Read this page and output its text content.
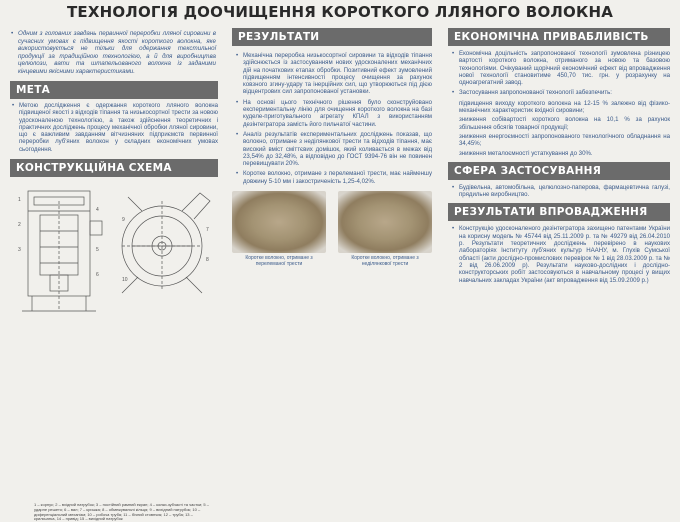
ТЕХНОЛОГІЯ ДООЧИЩЕННЯ КОРОТКОГО ЛЛЯНОГО ВОЛОКНА
• Одним з головних завдань первинної переробки лляної сировини в сучасних умовах є підвищення якості короткого волокна, яке використовується не тільки для одержання текстильної продукції за традиційною технологією, а й для виробництва целюлози, вати та штапельованого волокна із заданими кінцевими якісними характеристиками.
МЕТА
• Метою дослідження є одержання короткого лляного волокна підвищеної якості з відходів тіпання та низькосортної трести за новою удосконаленою технологією, а також здійснення теоретичних і практичних досліджень процесу механічної обробки лляної сировини, що є важливим завданням вітчизняних підприємств первинної переробки луб'яних волокон у складних економічних умовах сьогодення.
КОНСТРУКЦІЙНА СХЕМА
1
2
3
4
5
6
7
8
9
10
1 – корпус; 2 – вхідний патрубок; 3 – постійний рамний екран; 4 – колки-зубчасті та частки; 5 – ударне решето; 6 – вал; 7 – кришка; 8 – обмежувальні кільця; 9 – вихідний патрубок; 10 – диференціальний механізм; 10 – робоча труба; 11 – бічний стовпчик; 12 – труба; 13 – крильчатка, 14 – привід; 15 – вихідний патрубок
РЕЗУЛЬТАТИ
• Механічна переробка низькосортної сировини та відходів тіпання здійснюється із застосуванням нових удосконалених механічних дій на початкових етапах обробки. Позитивний ефект зумовлений підвищенням інтенсивності процесу очищення за рахунок ковзного згину-удару та інерційних сил, що утворюються під дією відцентрових сил запропонованої установки.
• На основі цього технічного рішення було сконструйовано експериментальну лінію для очищення короткого волокна на базі куделе-приготувального агрегату КПАЛ з використанням дезінтегратора замість його пильчатої частини.
• Аналіз результатів експериментальних досліджень показав, що волокно, отримане з неділянкової трести та відходів тіпання, має високий вміст сміттєвих домішок, який коливається в межах від 23,54% до 32,48%, а відповідно до ГОСТ 9394-76 він не повинен перевищувати 20%.
• Коротке волокно, отримане з перелеманої трести, має найменшу довжину 5-10 мм і закостриченість 1,25-4,02%.
Коротке волокно, отримане з перелеманої трести
Коротке волокно, отримане з неділянкової трести
ЕКОНОМІЧНА ПРИВАБЛИВІСТЬ
• Економічна доцільність запропонованої технології зумовлена різницею вартості короткого волокна, отриманого за новою та базовою технологіями. Очікуваний щорічний економічний ефект від впровадження нової технології становитиме 450,70 тис. грн. у розрахунку на одноагрегатний завод.
• Застосування запропонованої технології забезпечить:
підвищення виходу короткого волокна на 12-15 % залежно від фізико-механічних характеристик вхідної сировини;
зниження собівартості короткого волокна на 10,1 % за рахунок збільшення обсягів товарної продукції;
зниження енергоємності запропонованого технологічного обладнання на 34,45%;
зниження металоємності устаткування до 30%.
СФЕРА ЗАСТОСУВАННЯ
• Будівельна, автомобільна, целюлозно-паперова, фармацевтична галузі, прядильне виробництво.
РЕЗУЛЬТАТИ ВПРОВАДЖЕННЯ
• Конструкцію удосконаленого дезінтегратора захищено патентами України на корисну модель № 45744 від 25.11.2009 р. та № 49279 від 26.04.2010 р. Результати теоретичних досліджень перевірено в наукових лабораторіях Інституту луб'яних культур НААНУ, м. Глухів Сумської області (акти дослідно-промислових перевірок № 1 від 28.03.2009 р. та № 2 від 26.06.2009 р). Результати науково-дослідних і дослідно-конструкторських робіт застосовуються в навчальному процесі у вищих навчальних закладах України (акт впровадження від 15.09.2009 р.)
